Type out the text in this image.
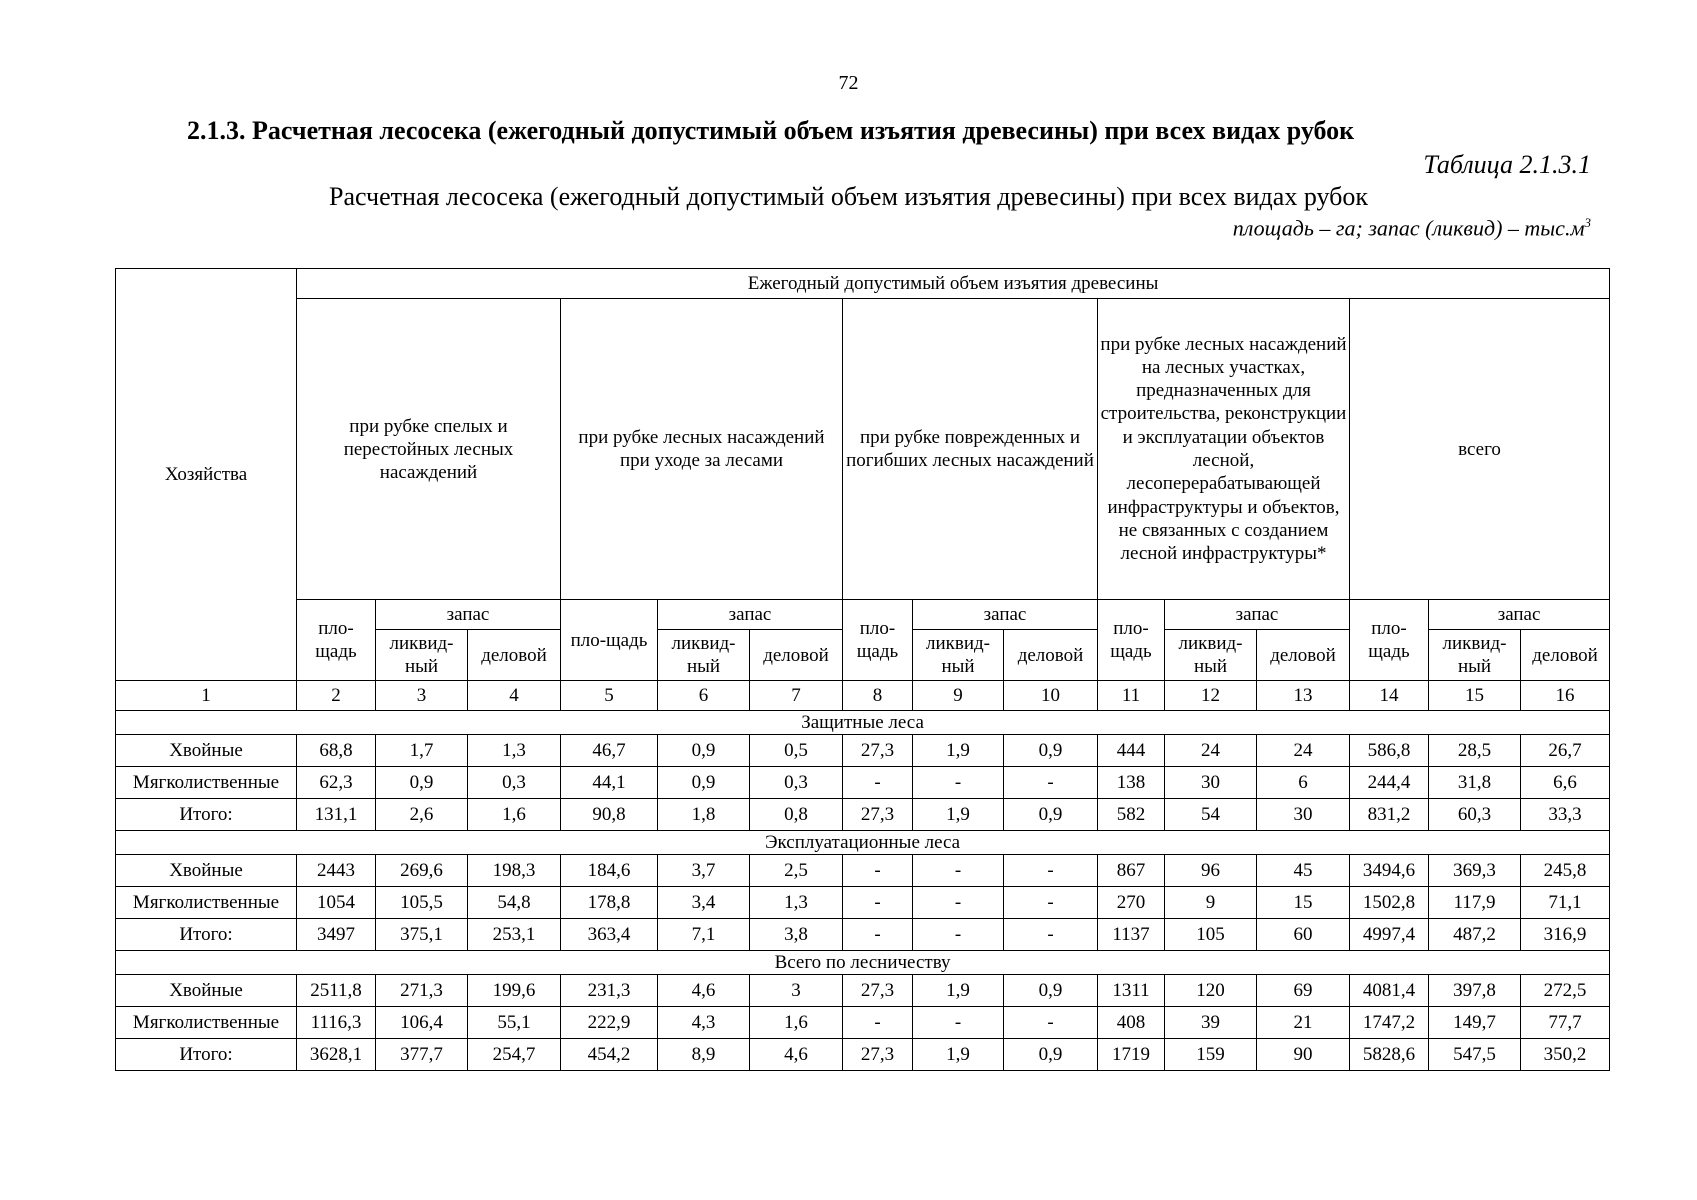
72
2.1.3. Расчетная лесосека (ежегодный допустимый объем изъятия древесины) при всех видах рубок
Таблица 2.1.3.1
Расчетная лесосека (ежегодный допустимый объем изъятия древесины) при всех видах рубок
площадь – га; запас (ликвид) – $тыс.м^3$
Хозяйства	Ежегодный допустимый объем изъятия древесины														
	при рубке спелых и перестойных лесных насаждений			при рубке лесных насаждений при уходе за лесами			при рубке поврежденных и погибших лесных насаждений			при рубке лесных насаждений на лесных участках, предназначенных для строительства, реконструкции и эксплуатации объектов лесной, лесоперерабатывающей инфраструктуры и объектов, не связанных с созданием лесной инфраструктуры*			всего		
	пло-щадь	запас		пло-щадь	запас		пло-щадь	запас		пло-щадь	запас		пло-щадь	запас	
		ликвид-ный	деловой		ликвид-ный	деловой		ликвид-ный	деловой		ликвид-ный	деловой		ликвид-ный	деловой
1	2	3	4	5	6	7	8	9	10	11	12	13	14	15	16
Защитные леса															
Хвойные	68,8	1,7	1,3	46,7	0,9	0,5	27,3	1,9	0,9	444	24	24	586,8	28,5	26,7
Мягколиственные	62,3	0,9	0,3	44,1	0,9	0,3	-	-	-	138	30	6	244,4	31,8	6,6
Итого:	131,1	2,6	1,6	90,8	1,8	0,8	27,3	1,9	0,9	582	54	30	831,2	60,3	33,3
Эксплуатационные леса															
Хвойные	2443	269,6	198,3	184,6	3,7	2,5	-	-	-	867	96	45	3494,6	369,3	245,8
Мягколиственные	1054	105,5	54,8	178,8	3,4	1,3	-	-	-	270	9	15	1502,8	117,9	71,1
Итого:	3497	375,1	253,1	363,4	7,1	3,8	-	-	-	1137	105	60	4997,4	487,2	316,9
Всего по лесничеству															
Хвойные	2511,8	271,3	199,6	231,3	4,6	3	27,3	1,9	0,9	1311	120	69	4081,4	397,8	272,5
Мягколиственные	1116,3	106,4	55,1	222,9	4,3	1,6	-	-	-	408	39	21	1747,2	149,7	77,7
Итого:	3628,1	377,7	254,7	454,2	8,9	4,6	27,3	1,9	0,9	1719	159	90	5828,6	547,5	350,2
